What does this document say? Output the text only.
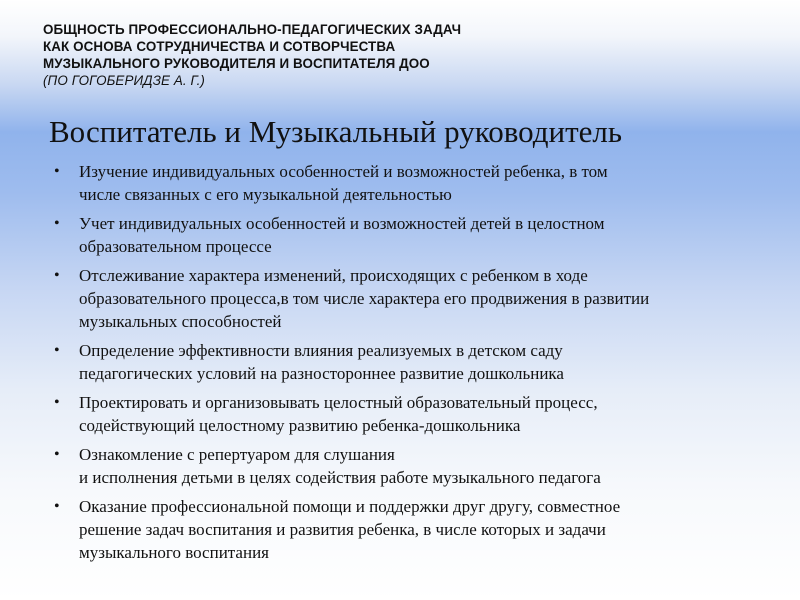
ОБЩНОСТЬ ПРОФЕССИОНАЛЬНО-ПЕДАГОГИЧЕСКИХ ЗАДАЧ
КАК ОСНОВА СОТРУДНИЧЕСТВА И СОТВОРЧЕСТВА
МУЗЫКАЛЬНОГО РУКОВОДИТЕЛЯ И ВОСПИТАТЕЛЯ ДОО
(ПО ГОГОБЕРИДЗЕ А. Г.)
Воспитатель и Музыкальный руководитель
•	Изучение индивидуальных особенностей и возможностей ребенка, в том
числе связанных с его музыкальной деятельностью
•	Учет индивидуальных особенностей и возможностей детей в целостном
образовательном процессе
•	Отслеживание характера изменений, происходящих с ребенком в ходе
образовательного процесса,в том числе характера его продвижения в развитии
музыкальных способностей
•	Определение эффективности влияния реализуемых в детском саду
педагогических условий на разностороннее развитие дошкольника
•	Проектировать и организовывать целостный образовательный процесс,
содействующий целостному развитию ребенка-дошкольника
•	Ознакомление с репертуаром для слушания
и исполнения детьми в целях содействия работе музыкального педагога
•	Оказание профессиональной помощи и поддержки друг другу, совместное
решение задач воспитания и развития ребенка, в числе которых и задачи
музыкального воспитания
